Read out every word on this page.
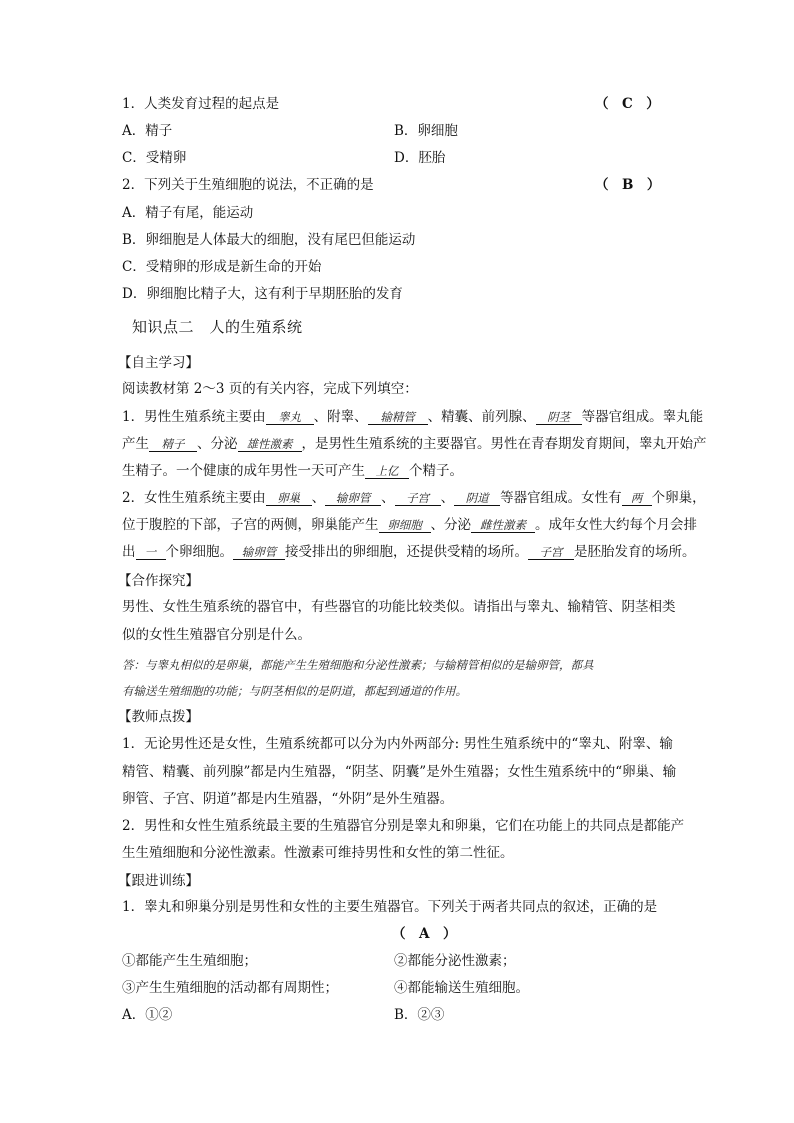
1．人类发育过程的起点是	（　C　）
A．精子	B．卵细胞
C．受精卵	D．胚胎
2．下列关于生殖细胞的说法，不正确的是	（　B　）
A．精子有尾，能运动
B．卵细胞是人体最大的细胞，没有尾巴但能运动
C．受精卵的形成是新生命的开始
D．卵细胞比精子大，这有利于早期胚胎的发育
知识点二　人的生殖系统
【自主学习】
阅读教材第 2～3 页的有关内容，完成下列填空：
1．男性生殖系统主要由 睾丸 、附睾、 输精管 、精囊、前列腺、 阴茎 等器官组成。睾丸能
产生 精子 、分泌 雄性激素 ，是男性生殖系统的主要器官。男性在青春期发育期间，睾丸开始产
生精子。一个健康的成年男性一天可产生 上亿 个精子。
2．女性生殖系统主要由 卵巢 、 输卵管 、 子宫 、 阴道 等器官组成。女性有 两 个卵巢，
位于腹腔的下部，子宫的两侧，卵巢能产生 卵细胞 、分泌 雌性激素 。成年女性大约每个月会排
出 一 个卵细胞。 输卵管 接受排出的卵细胞，还提供受精的场所。 子宫 是胚胎发育的场所。
【合作探究】
男性、女性生殖系统的器官中，有些器官的功能比较类似。请指出与睾丸、输精管、阴茎相类
似的女性生殖器官分别是什么。
答：与睾丸相似的是卵巢，都能产生生殖细胞和分泌性激素；与输精管相似的是输卵管，都具
有输送生殖细胞的功能；与阴茎相似的是阴道，都起到通道的作用。
【教师点拨】
1．无论男性还是女性，生殖系统都可以分为内外两部分: 男性生殖系统中的“睾丸、附睾、输
精管、精囊、前列腺”都是内生殖器，“阴茎、阴囊”是外生殖器；女性生殖系统中的“卵巢、输
卵管、子宫、阴道”都是内生殖器，“外阴”是外生殖器。
2．男性和女性生殖系统最主要的生殖器官分别是睾丸和卵巢，它们在功能上的共同点是都能产
生生殖细胞和分泌性激素。性激素可维持男性和女性的第二性征。
【跟进训练】
1．睾丸和卵巢分别是男性和女性的主要生殖器官。下列关于两者共同点的叙述，正确的是
（　A　）
①都能产生生殖细胞；	②都能分泌性激素；
③产生生殖细胞的活动都有周期性；	④都能输送生殖细胞。
A．①②	B．②③
